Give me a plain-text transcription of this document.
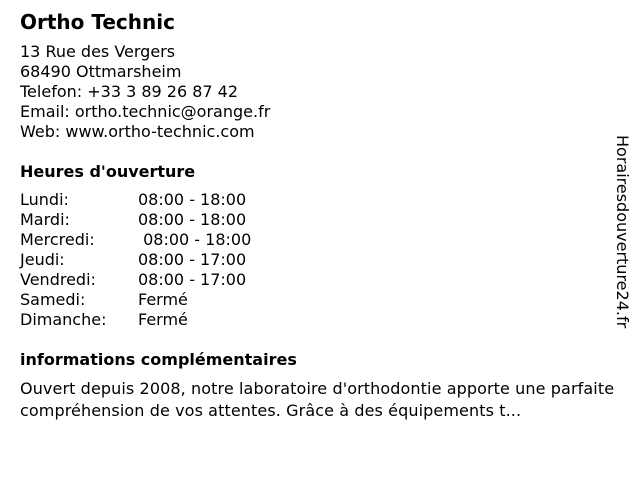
Ortho Technic
13 Rue des Vergers
68490 Ottmarsheim
Telefon: +33 3 89 26 87 42
Email: ortho.technic@orange.fr
Web: www.ortho-technic.com
Heures d'ouverture
Lundi:	08:00 - 18:00
Mardi:	08:00 - 18:00
Mercredi:	08:00 - 18:00
Jeudi:	08:00 - 17:00
Vendredi:	08:00 - 17:00
Samedi:	Fermé
Dimanche:	Fermé
informations complémentaires
Ouvert depuis 2008, notre laboratoire d'orthodontie apporte une parfaite compréhension de vos attentes. Grâce à des équipements t...
Horairesdouverture24.fr
